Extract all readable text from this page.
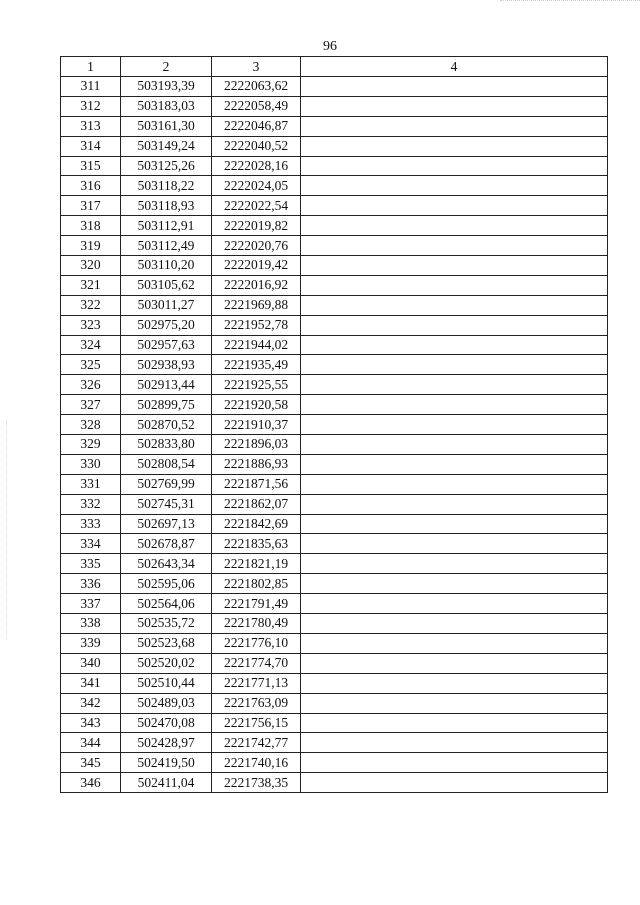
96
1	2	3	4
311	503193,39	2222063,62	
312	503183,03	2222058,49	
313	503161,30	2222046,87	
314	503149,24	2222040,52	
315	503125,26	2222028,16	
316	503118,22	2222024,05	
317	503118,93	2222022,54	
318	503112,91	2222019,82	
319	503112,49	2222020,76	
320	503110,20	2222019,42	
321	503105,62	2222016,92	
322	503011,27	2221969,88	
323	502975,20	2221952,78	
324	502957,63	2221944,02	
325	502938,93	2221935,49	
326	502913,44	2221925,55	
327	502899,75	2221920,58	
328	502870,52	2221910,37	
329	502833,80	2221896,03	
330	502808,54	2221886,93	
331	502769,99	2221871,56	
332	502745,31	2221862,07	
333	502697,13	2221842,69	
334	502678,87	2221835,63	
335	502643,34	2221821,19	
336	502595,06	2221802,85	
337	502564,06	2221791,49	
338	502535,72	2221780,49	
339	502523,68	2221776,10	
340	502520,02	2221774,70	
341	502510,44	2221771,13	
342	502489,03	2221763,09	
343	502470,08	2221756,15	
344	502428,97	2221742,77	
345	502419,50	2221740,16	
346	502411,04	2221738,35	
